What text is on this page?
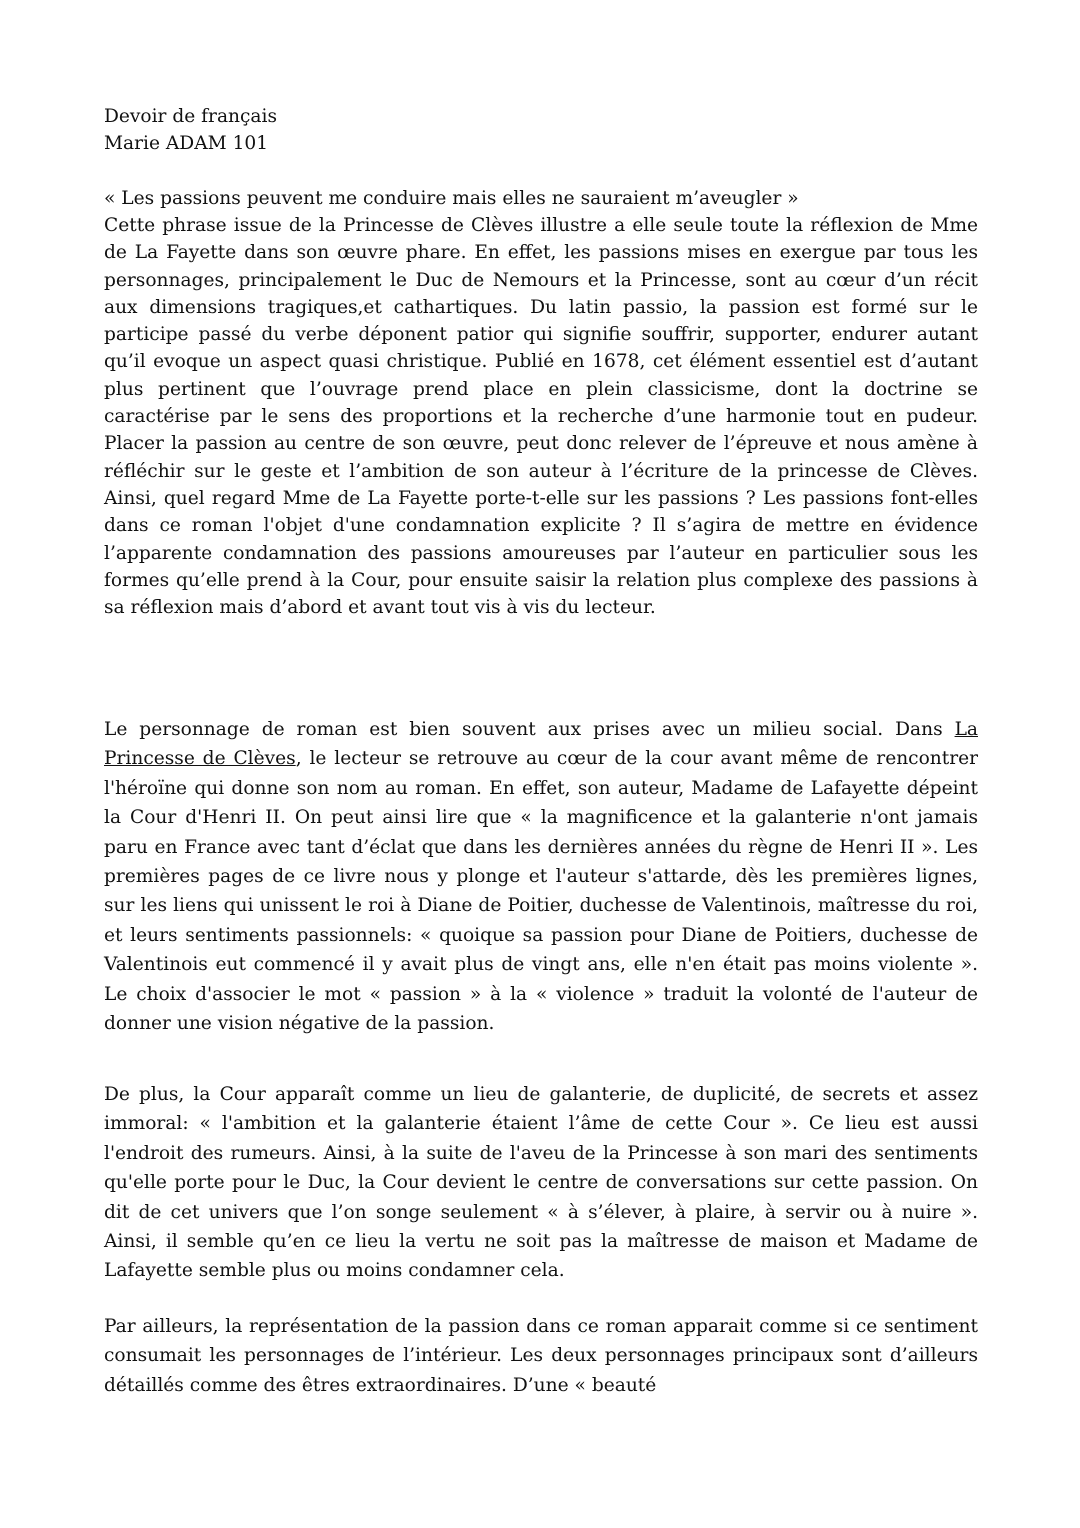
Devoir de français

Marie ADAM 101

« Les passions peuvent me conduire mais elles ne sauraient m’aveugler »

Cette phrase issue de la Princesse de Clèves illustre a elle seule toute la réflexion de Mme de La Fayette dans son œuvre phare. En effet, les passions mises en exergue par tous les personnages, principalement le Duc de Nemours et la Princesse, sont au cœur d’un récit aux dimensions tragiques,et cathartiques. Du latin passio, la passion est formé sur le participe passé du verbe déponent patior qui signifie souffrir, supporter, endurer autant qu’il evoque un aspect quasi christique. Publié en 1678, cet élément essentiel est d’autant plus pertinent que l’ouvrage prend place en plein classicisme, dont la doctrine se caractérise par le sens des proportions et la recherche d’une harmonie tout en pudeur. Placer la passion au centre de son œuvre, peut donc relever de l’épreuve et nous amène à réfléchir sur le geste et l’ambition de son auteur à l’écriture de la princesse de Clèves. Ainsi, quel regard Mme de La Fayette porte-t-elle sur les passions ? Les passions font-elles dans ce roman l'objet d'une condamnation explicite ? Il s’agira de mettre en évidence l’apparente condamnation des passions amoureuses par l’auteur en particulier sous les formes qu’elle prend à la Cour, pour ensuite saisir la relation plus complexe des passions à sa réflexion mais d’abord et avant tout vis à vis du lecteur.

Le personnage de roman est bien souvent aux prises avec un milieu social. Dans La Princesse de Clèves, le lecteur se retrouve au cœur de la cour avant même de rencontrer l'héroïne qui donne son nom au roman. En effet, son auteur, Madame de Lafayette dépeint la Cour d'Henri II. On peut ainsi lire que « la magnificence et la galanterie n'ont jamais paru en France avec tant d’éclat que dans les dernières années du règne de Henri II ». Les premières pages de ce livre nous y plonge et l'auteur s'attarde, dès les premières lignes, sur les liens qui unissent le roi à Diane de Poitier, duchesse de Valentinois, maîtresse du roi, et leurs sentiments passionnels: « quoique sa passion pour Diane de Poitiers, duchesse de Valentinois eut commencé il y avait plus de vingt ans, elle n'en était pas moins violente ». Le choix d'associer le mot « passion » à la « violence » traduit la volonté de l'auteur de donner une vision négative de la passion.

De plus, la Cour apparaît comme un lieu de galanterie, de duplicité, de secrets et assez immoral: « l'ambition et la galanterie étaient l’âme de cette Cour ». Ce lieu est aussi l'endroit des rumeurs. Ainsi, à la suite de l'aveu de la Princesse à son mari des sentiments qu'elle porte pour le Duc, la Cour devient le centre de conversations sur cette passion. On dit de cet univers que l’on songe seulement « à s’élever, à plaire, à servir ou à nuire ». Ainsi, il semble qu’en ce lieu la vertu ne soit pas la maîtresse de maison et Madame de Lafayette semble plus ou moins condamner cela.

Par ailleurs, la représentation de la passion dans ce roman apparait comme si ce sentiment consumait les personnages de l’intérieur. Les deux personnages principaux sont d’ailleurs détaillés comme des êtres extraordinaires. D’une « beauté
